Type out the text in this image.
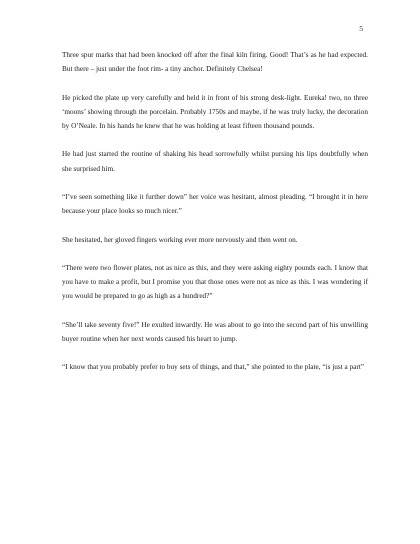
5

Three spur marks that had been knocked off after the final kiln firing. Good! That’s as he had expected. But there – just under the foot rim- a tiny anchor. Definitely Chelsea!

He picked the plate up very carefully and held it in front of his strong desk-light. Eureka! two, no three ‘moons’ showing through the porcelain. Probably 1750s and maybe, if he was truly lucky, the decoration by O’Neale. In his hands he knew that he was holding at least fifteen thousand pounds.

He had just started the routine of shaking his head sorrowfully whilst pursing his lips doubtfully when she surprised him.

“I’ve seen something like it further down” her voice was hesitant, almost pleading. “I brought it in here because your place looks so much nicer.”

She hesitated, her gloved fingers working ever more nervously and then went on.

“There were two flower plates, not as nice as this, and they were asking eighty pounds each. I know that you have to make a profit, but I promise you that those ones were not as nice as this. I was wondering if you would be prepared to go as high as a hundred?”

“She’ll take seventy five!” He exulted inwardly. He was about to go into the second part of his unwilling buyer routine when her next words caused his heart to jump.

“I know that you probably prefer to buy sets of things, and that,” she pointed to the plate, “is just a part”
